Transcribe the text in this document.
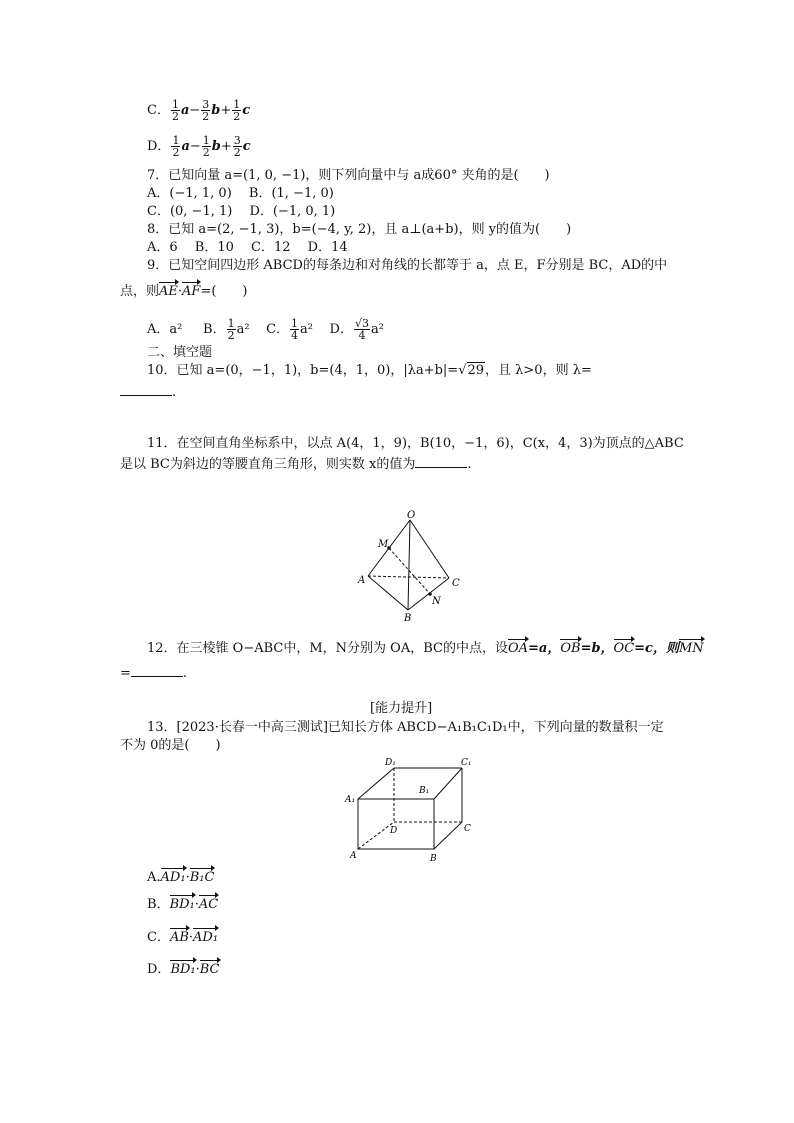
C． $\frac{1}{2} a- \frac{3}{2} b+ \frac{1}{2}$ c
D． $\frac{1}{2} a- \frac{1}{2} b+ \frac{3}{2}$ c
7．已知向量 a=(1, 0, −1)，则下列向量中与 a成60° 夹角的是(　　)
A．(−1, 1, 0)　 B．(1, −1, 0)
C．(0, −1, 1)　 D．(−1, 0, 1)
8．已知 a=(2, −1, 3)，b=(−4, y, 2)，且 a⊥(a+b)，则 y的值为(　　)
A．6　 B．10　 C．12　 D．14
9．已知空间四边形 ABCD的每条边和对角线的长都等于 a，点 E，F分别是 BC，AD的中
点，则AE·AF=(　　)
A．a² B． $\frac{1}{2} a^2$ C． $\frac{1}{4} a^2$ D． $\frac{√3}{4} a^2$
二、填空题
10．已知 a=(0，−1，1)，b=(4，1，0)，|λa+b|=√29，且 λ>0，则 λ=
.
11．在空间直角坐标系中，以点 A(4，1，9)，B(10，−1，6)，C(x，4，3)为顶点的△ABC
是以 BC为斜边的等腰直角三角形，则实数 x的值为	.
O
M
A	C
N
B
12．在三棱锥 O−ABC中，M，N分别为 OA，BC的中点，设OA=a，OB=b，OC=c，则MN
=	.
[能力提升]
13．[2023·长春一中高三测试]已知长方体 ABCD−A₁B₁C₁D₁中，下列向量的数量积一定
不为 0的是(　　)
D₁	C₁
B₁
A₁
D	C
A	B
A.AD₁·B₁C
B．BD₁·AC
C．AB·AD₁
D．BD₁·BC
